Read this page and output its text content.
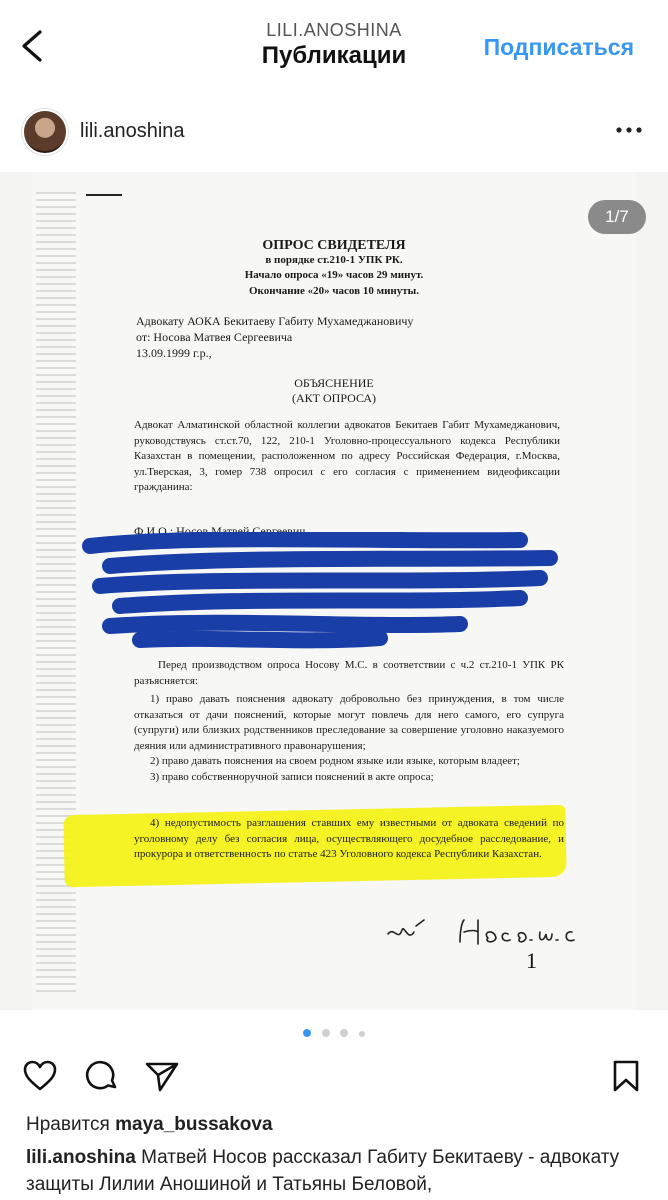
LILI.ANOSHINA
Публикации	Подписаться
lili.anoshina
1/7
ОПРОС СВИДЕТЕЛЯ
в порядке ст.210-1 УПК РК.
Начало опроса «19» часов 29 минут.
Окончание «20» часов 10 минуты.
Адвокату АОКА Бекитаеву Габиту Мухамеджановичу
от: Носова Матвея Сергеевича
13.09.1999 г.р.,
ОБЪЯСНЕНИЕ
(АКТ ОПРОСА)
Адвокат Алматинской областной коллегии адвокатов Бекитаев Габит Мухамеджанович, руководствуясь ст.ст.70, 122, 210-1 Уголовно-процессуального кодекса Республики Казахстан в помещении, расположенном по адресу Российская Федерация, г.Москва, ул.Тверская, 3, гомер 738 опросил с его согласия с применением видеофиксации гражданина:
Ф.И.О.: Носов Матвей Сергеевич
Перед производством опроса Носову М.С. в соответствии с ч.2 ст.210-1 УПК РК разъясняется:
1) право давать пояснения адвокату добровольно без принуждения, в том числе отказаться от дачи пояснений, которые могут повлечь для него самого, его супруга (супруги) или близких родственников преследование за совершение уголовно наказуемого деяния или административного правонарушения;
2) право давать пояснения на своем родном языке или языке, которым владеет;
3) право собственноручной записи пояснений в акте опроса;
4) недопустимость разглашения ставших ему известными от адвоката сведений по уголовному делу без согласия лица, осуществляющего досудебное расследование, и прокурора и ответственность по статье 423 Уголовного кодекса Республики Казахстан.
1

Нравится maya_bussakova
lili.anoshina Матвей Носов рассказал Габиту Бекитаеву - адвокату защиты Лилии Аношиной и Татьяны Беловой,
